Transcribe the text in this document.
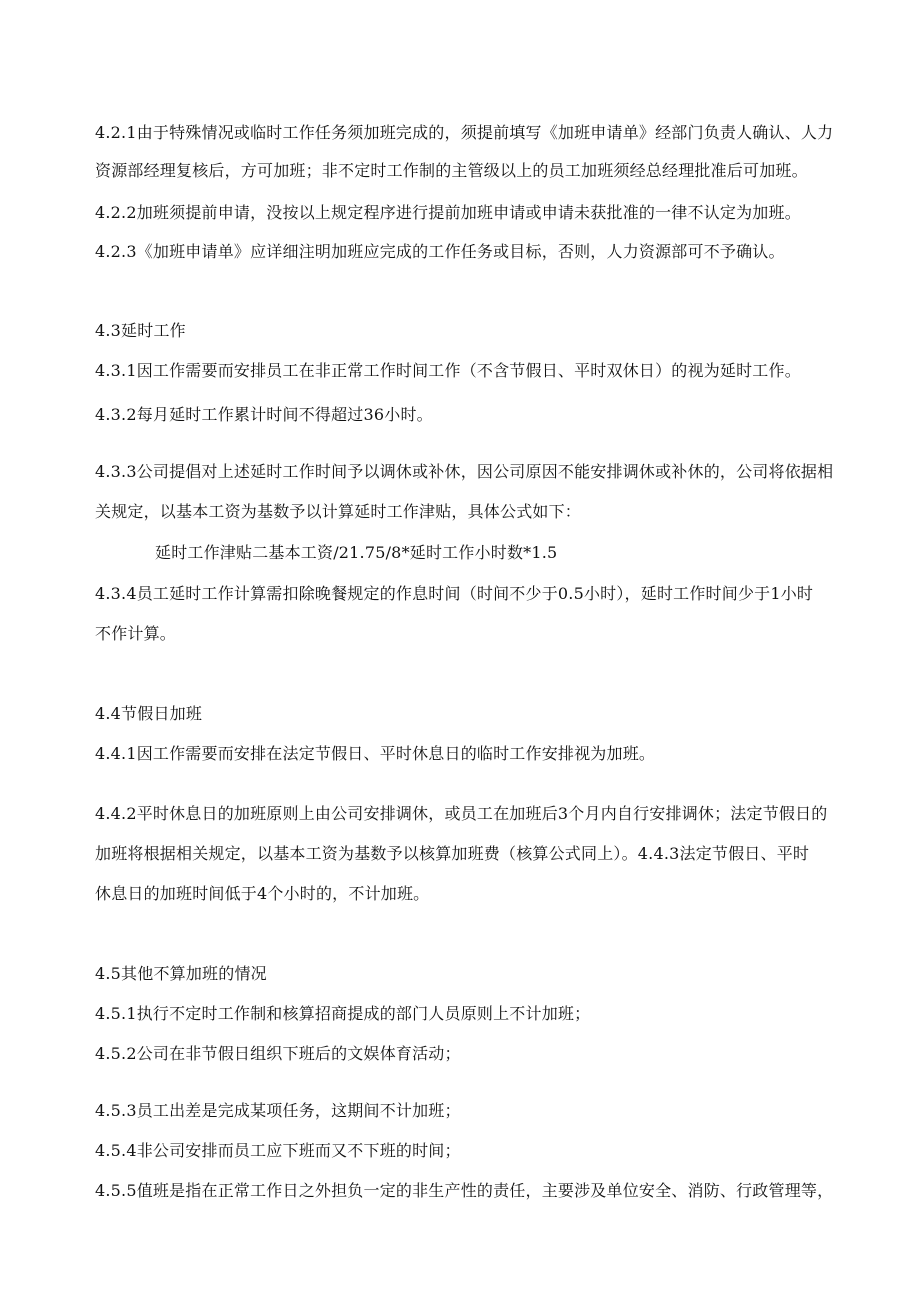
4.2.1由于特殊情况或临时工作任务须加班完成的，须提前填写《加班申请单》经部门负责人确认、人力
资源部经理复核后，方可加班；非不定时工作制的主管级以上的员工加班须经总经理批准后可加班。
4.2.2加班须提前申请，没按以上规定程序进行提前加班申请或申请未获批准的一律不认定为加班。
4.2.3《加班申请单》应详细注明加班应完成的工作任务或目标，否则，人力资源部可不予确认。
4.3延时工作
4.3.1因工作需要而安排员工在非正常工作时间工作（不含节假日、平时双休日）的视为延时工作。
4.3.2每月延时工作累计时间不得超过36小时。
4.3.3公司提倡对上述延时工作时间予以调休或补休，因公司原因不能安排调休或补休的，公司将依据相
关规定，以基本工资为基数予以计算延时工作津贴，具体公式如下：
延时工作津贴二基本工资/21.75/8*延时工作小时数*1.5
4.3.4员工延时工作计算需扣除晚餐规定的作息时间（时间不少于0.5小时），延时工作时间少于1小时
不作计算。
4.4节假日加班
4.4.1因工作需要而安排在法定节假日、平时休息日的临时工作安排视为加班。
4.4.2平时休息日的加班原则上由公司安排调休，或员工在加班后3个月内自行安排调休；法定节假日的
加班将根据相关规定，以基本工资为基数予以核算加班费（核算公式同上）。4.4.3法定节假日、平时
休息日的加班时间低于4个小时的，不计加班。
4.5其他不算加班的情况
4.5.1执行不定时工作制和核算招商提成的部门人员原则上不计加班；
4.5.2公司在非节假日组织下班后的文娱体育活动；
4.5.3员工出差是完成某项任务，这期间不计加班；
4.5.4非公司安排而员工应下班而又不下班的时间；
4.5.5值班是指在正常工作日之外担负一定的非生产性的责任，主要涉及单位安全、消防、行政管理等，
